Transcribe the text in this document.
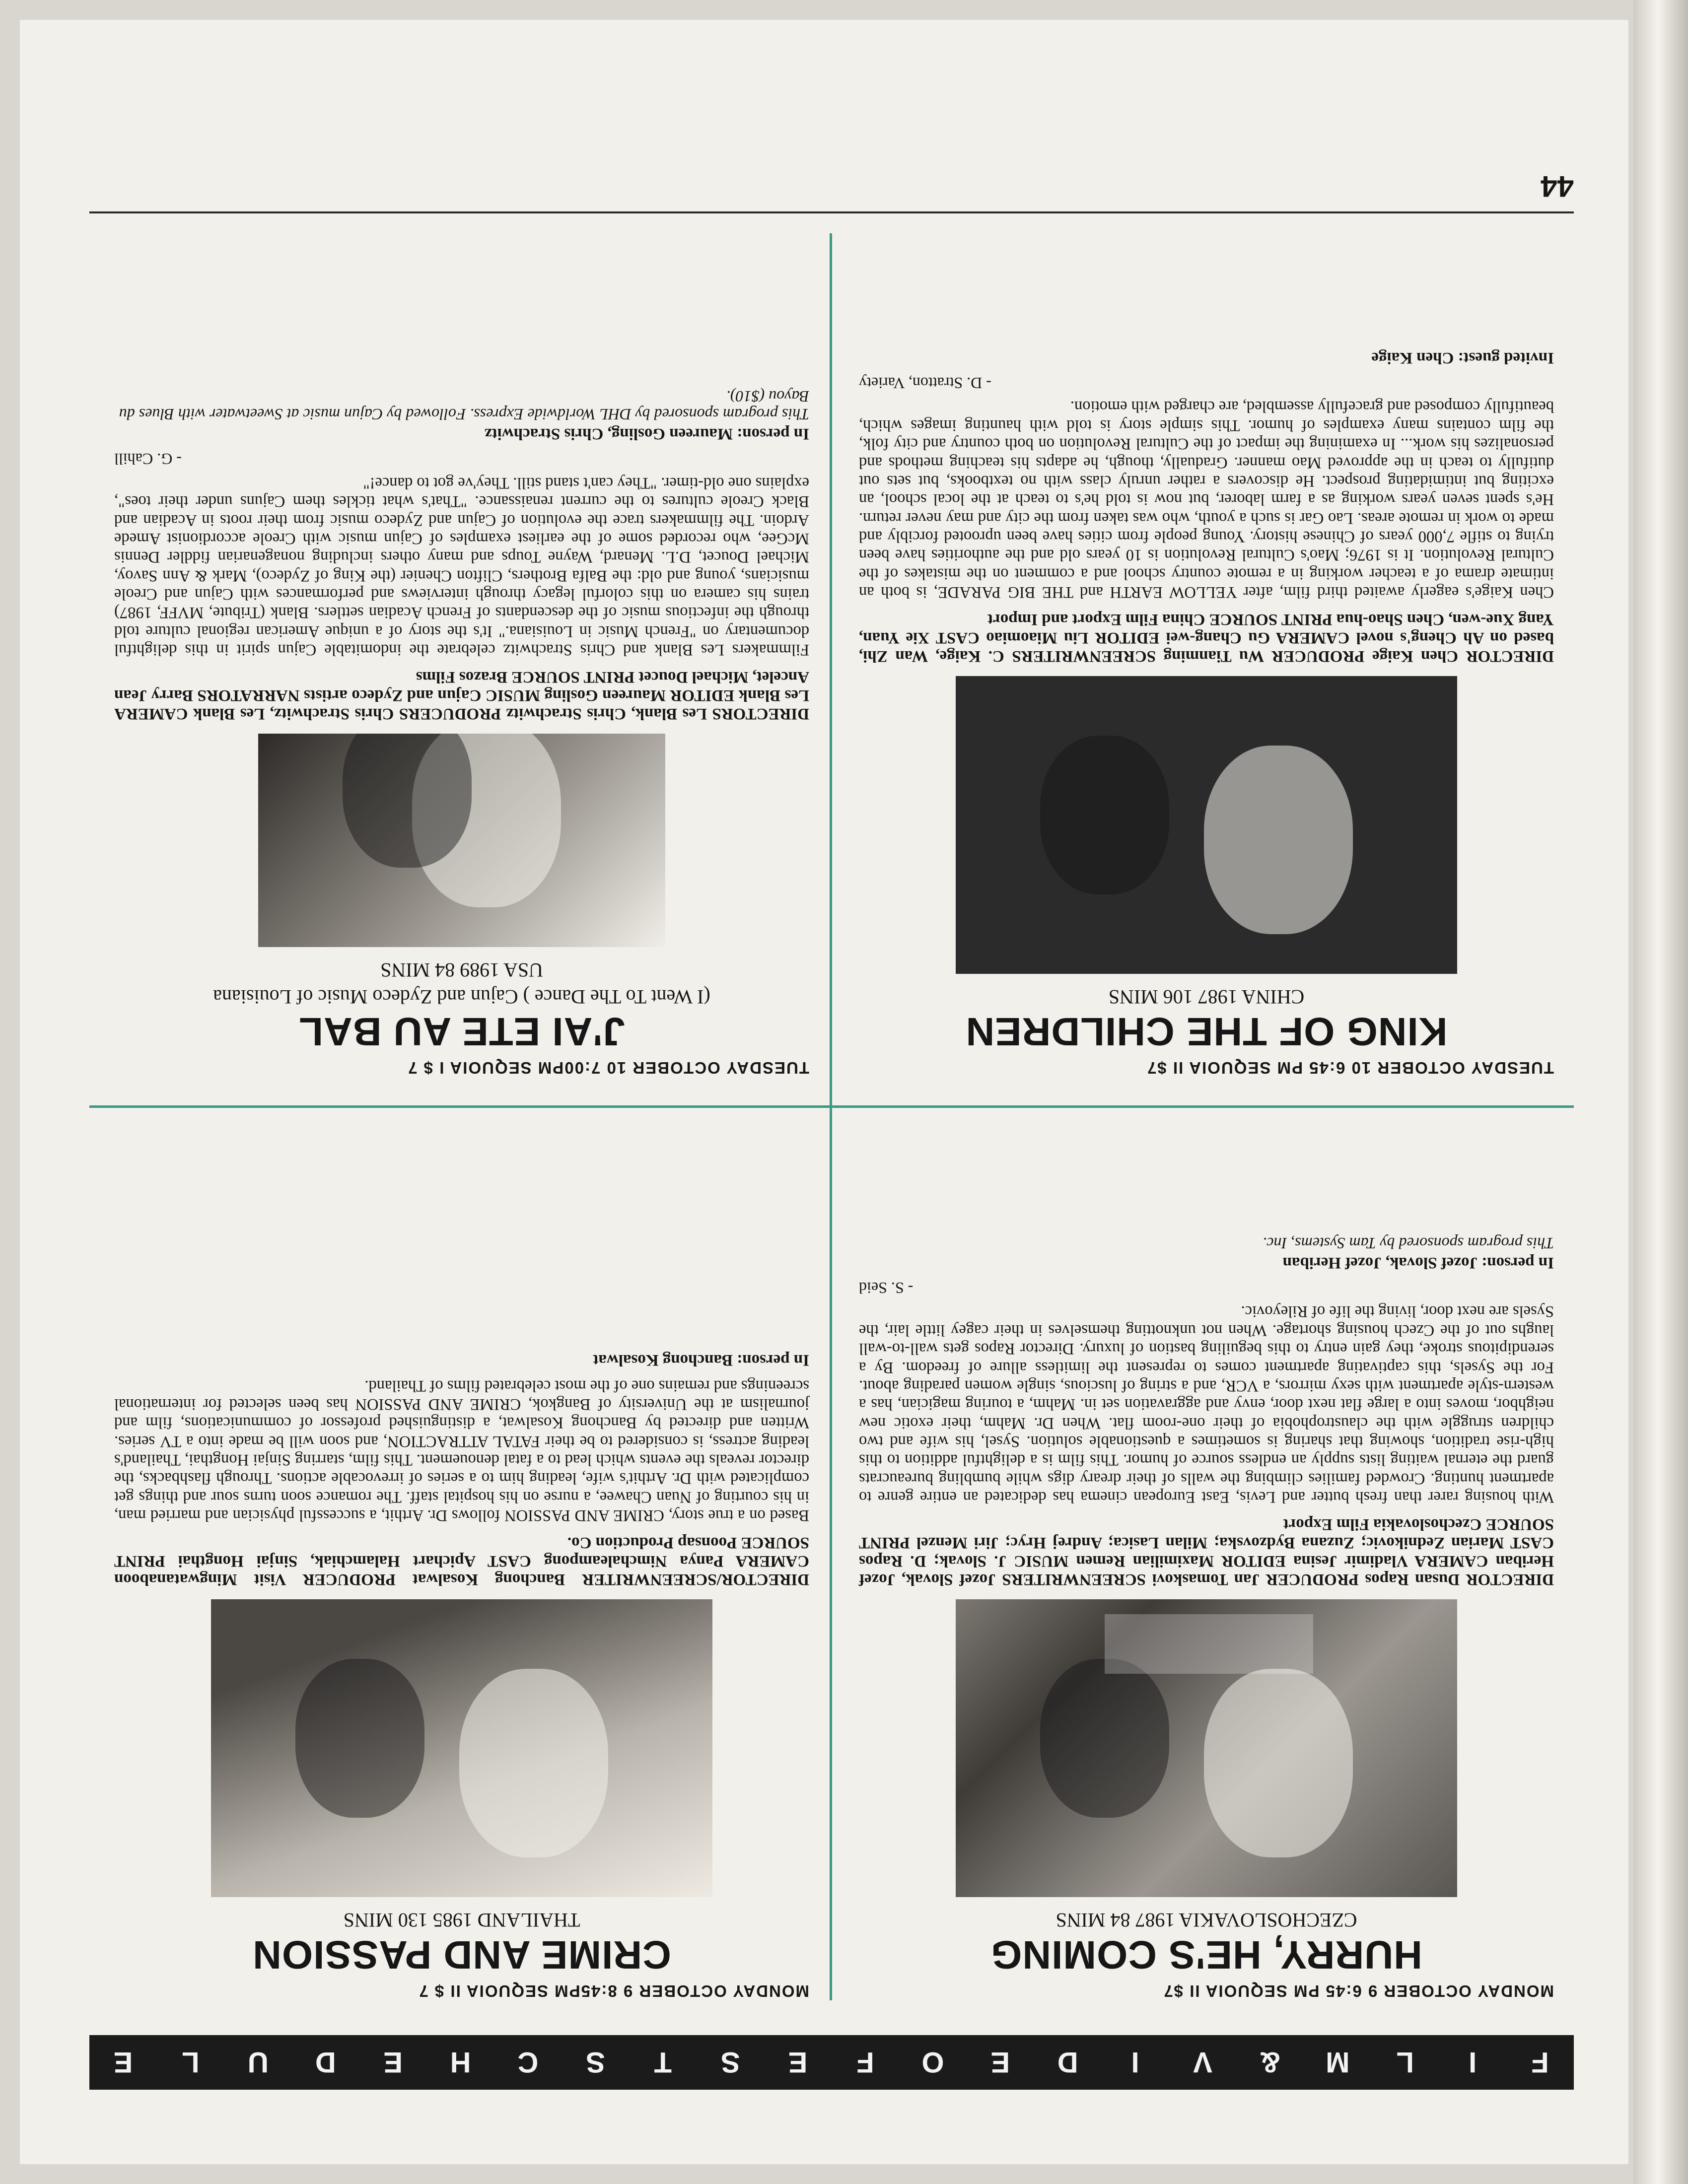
F
I
L
M
&
V
I
D
E
O
F
E
S
T
S
C
H
E
D
U
L
E
44
MONDAY OCTOBER 9 6:45 PM SEQUOIA II $7
HURRY, HE'S COMING
CZECHOSLOVAKIA 1987 84 MINS
DIRECTOR Dusan Rapos PRODUCER Jan Tomaskovi SCREENWRITERS Jozef Slovak, Jozef Heriban CAMERA Vladimir Jesina EDITOR Maximilian Remen MUSIC J. Slovak; D. Rapos CAST Marian Zednikovic; Zuzana Bydzovska; Milan Lasica; Andrej Hryc; Jiri Menzel PRINT SOURCE Czechoslovakia Film Export
With housing rarer than fresh butter and Levis, East European cinema has dedicated an entire genre to apartment hunting. Crowded families climbing the walls of their dreary digs while bumbling bureaucrats guard the eternal waiting lists supply an endless source of humor. This film is a delightful addition to this high-rise tradition, showing that sharing is sometimes a questionable solution. Sysel, his wife and two children struggle with the claustrophobia of their one-room flat. When Dr. Mahm, their exotic new neighbor, moves into a large flat next door, envy and aggravation set in. Mahm, a touring magician, has a western-style apartment with sexy mirrors, a VCR, and a string of luscious, single women parading about. For the Sysels, this captivating apartment comes to represent the limitless allure of freedom. By a serendipitous stroke, they gain entry to this beguiling bastion of luxury. Director Rapos gets wall-to-wall laughs out of the Czech housing shortage. When not unknotting themselves in their cagey little lair, the Sysels are next door, living the life of Rileyovic.
- S. Seid
In person: Jozef Slovak, Jozef Heriban
This program sponsored by Tam Systems, Inc.
MONDAY OCTOBER 9 8:45PM SEQUOIA II $ 7
CRIME AND PASSION
THAILAND 1985 130 MINS
DIRECTOR/SCREENWRITER Banchong Kosalwat PRODUCER Visit Mingwatanaboon CAMERA Panya Nimchaleampong CAST Apichart Halamchiak, Sinjai Hongthai PRINT SOURCE Poonsap Production Co.
Based on a true story, CRIME AND PASSION follows Dr. Arthit, a successful physician and married man, in his courting of Nuan Chawee, a nurse on his hospital staff. The romance soon turns sour and things get complicated with Dr. Arthit's wife, leading him to a series of irrevocable actions. Through flashbacks, the director reveals the events which lead to a fatal denouement. This film, starring Sinjai Hongthai, Thailand's leading actress, is considered to be their FATAL ATTRACTION, and soon will be made into a TV series. Written and directed by Banchong Kosalwat, a distinguished professor of communications, film and journalism at the University of Bangkok, CRIME AND PASSION has been selected for international screenings and remains one of the most celebrated films of Thailand.
In person: Banchong Kosalwat
TUESDAY OCTOBER 10 6:45 PM SEQUOIA II $7
KING OF THE CHILDREN
CHINA 1987 106 MINS
DIRECTOR Chen Kaige PRODUCER Wu Tianming SCREENWRITERS C. Kaige, Wan Zhi, based on Ah Cheng's novel CAMERA Gu Chang-wei EDITOR Liu Miaomiao CAST Xie Yuan, Yang Xue-wen, Chen Shao-hua PRINT SOURCE China Film Export and Import
Chen Kaige's eagerly awaited third film, after YELLOW EARTH and THE BIG PARADE, is both an intimate drama of a teacher working in a remote country school and a comment on the mistakes of the Cultural Revolution. It is 1976; Mao's Cultural Revolution is 10 years old and the authorities have been trying to stifle 7,000 years of Chinese history. Young people from cities have been uprooted forcibly and made to work in remote areas. Lao Gar is such a youth, who was taken from the city and may never return. He's spent seven years working as a farm laborer, but now is told he's to teach at the local school, an exciting but intimidating prospect. He discovers a rather unruly class with no textbooks, but sets out dutifully to teach in the approved Mao manner. Gradually, though, he adapts his teaching methods and personalizes his work... In examining the impact of the Cultural Revolution on both country and city folk, the film contains many examples of humor. This simple story is told with haunting images which, beautifully composed and gracefully assembled, are charged with emotion.
- D. Stratton, Variety
Invited guest: Chen Kaige
TUESDAY OCTOBER 10 7:00PM SEQUOIA I $ 7
J'AI ETE AU BAL
(I Went To The Dance ) Cajun and Zydeco Music of Louisiana
USA 1989 84 MINS
DIRECTORS Les Blank, Chris Strachwitz PRODUCERS Chris Strachwitz, Les Blank CAMERA Les Blank EDITOR Maureen Gosling MUSIC Cajun and Zydeco artists NARRATORS Barry Jean Ancelet, Michael Doucet PRINT SOURCE Brazos Films
Filmmakers Les Blank and Chris Strachwitz celebrate the indomitable Cajun spirit in this delightful documentary on "French Music in Louisiana." It's the story of a unique American regional culture told through the infectious music of the descendants of French Acadian settlers. Blank (Tribute, MVFF, 1987) trains his camera on this colorful legacy through interviews and performances with Cajun and Creole musicians, young and old: the Balfa Brothers, Clifton Chenier (the King of Zydeco), Mark & Ann Savoy, Michael Doucet, D.L. Menard, Wayne Toups and many others including nonagenarian fiddler Dennis McGee, who recorded some of the earliest examples of Cajun music with Creole accordionist Amede Ardoin. The filmmakers trace the evolution of Cajun and Zydeco music from their roots in Acadian and Black Creole cultures to the current renaissance. "That's what tickles them Cajuns under their toes", explains one old-timer. "They can't stand still. They've got to dance!"
- G. Cahill
In person: Maureen Gosling, Chris Strachwitz
This program sponsored by DHL Worldwide Express. Followed by Cajun music at Sweetwater with Blues du Bayou ($10).
